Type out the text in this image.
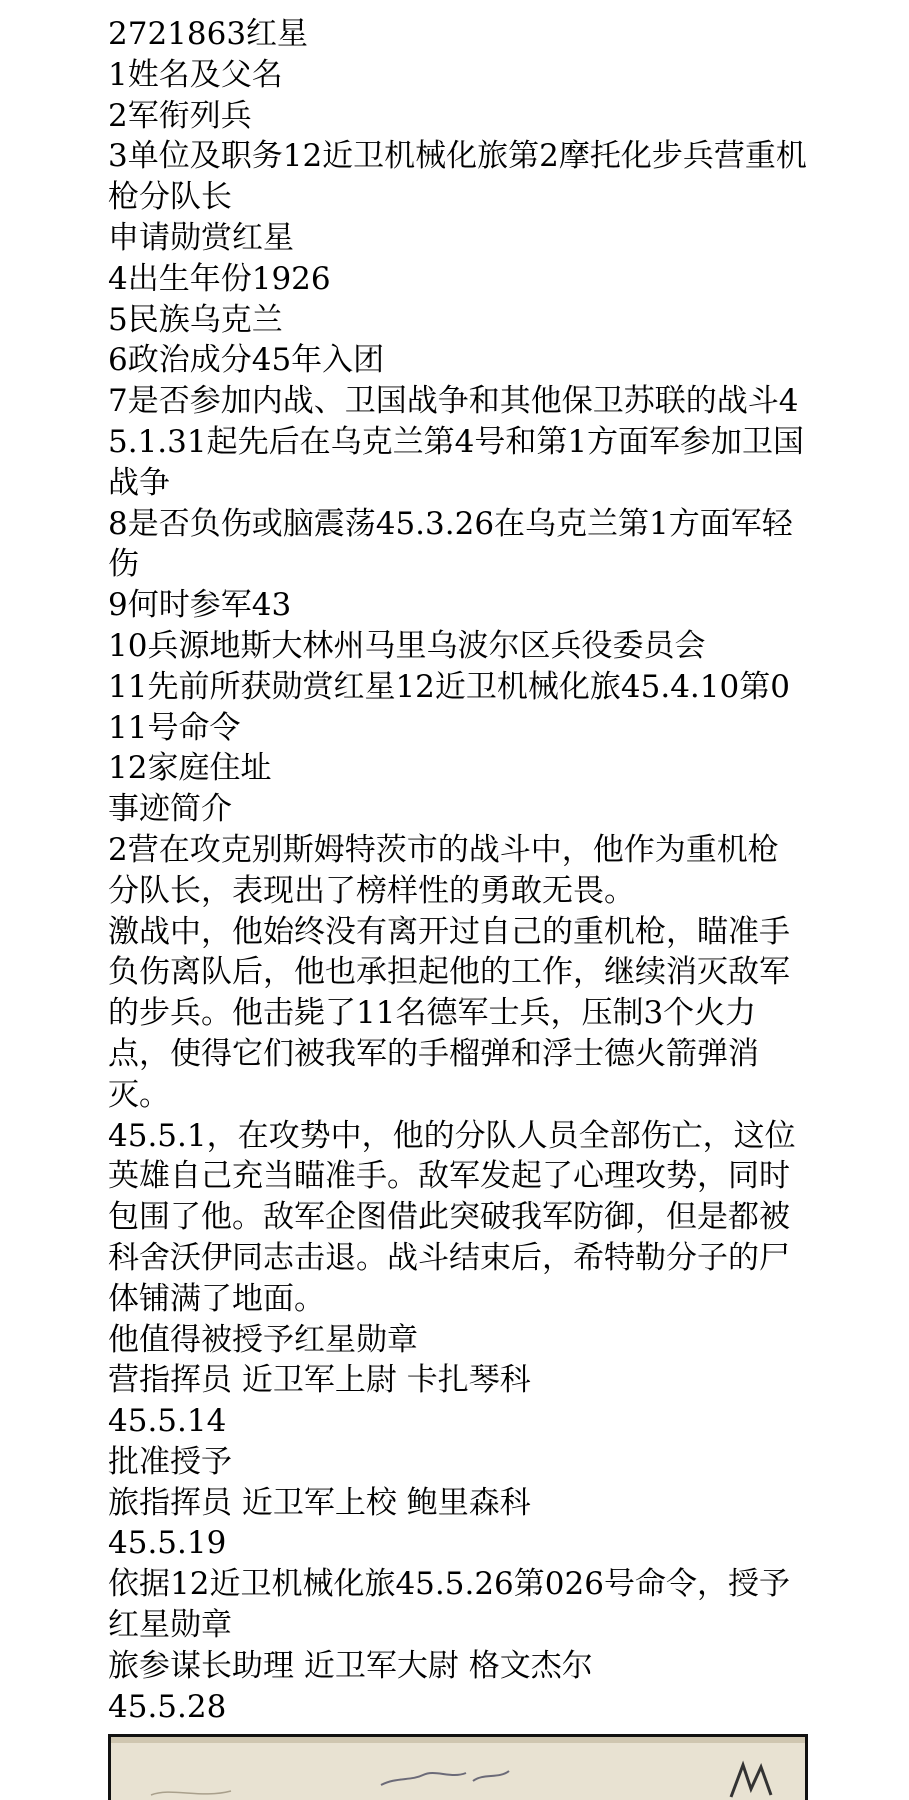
2721863红星

1姓名及父名

2军衔列兵

3单位及职务12近卫机械化旅第2摩托化步兵营重机枪分队长

申请勋赏红星

4出生年份1926

5民族乌克兰

6政治成分45年入团

7是否参加内战、卫国战争和其他保卫苏联的战斗45.1.31起先后在乌克兰第4号和第1方面军参加卫国战争

8是否负伤或脑震荡45.3.26在乌克兰第1方面军轻伤

9何时参军43

10兵源地斯大林州马里乌波尔区兵役委员会

11先前所获勋赏红星12近卫机械化旅45.4.10第011号命令

12家庭住址

事迹简介

2营在攻克别斯姆特茨市的战斗中，他作为重机枪分队长，表现出了榜样性的勇敢无畏。

激战中，他始终没有离开过自己的重机枪，瞄准手负伤离队后，他也承担起他的工作，继续消灭敌军的步兵。他击毙了11名德军士兵，压制3个火力点，使得它们被我军的手榴弹和浮士德火箭弹消灭。

45.5.1，在攻势中，他的分队人员全部伤亡，这位英雄自己充当瞄准手。敌军发起了心理攻势，同时包围了他。敌军企图借此突破我军防御，但是都被科舍沃伊同志击退。战斗结束后，希特勒分子的尸体铺满了地面。

他值得被授予红星勋章

营指挥员 近卫军上尉 卡扎琴科

45.5.14

批准授予

旅指挥员 近卫军上校 鲍里森科

45.5.19

依据12近卫机械化旅45.5.26第026号命令，授予红星勋章

旅参谋长助理 近卫军大尉 格文杰尔

45.5.28
